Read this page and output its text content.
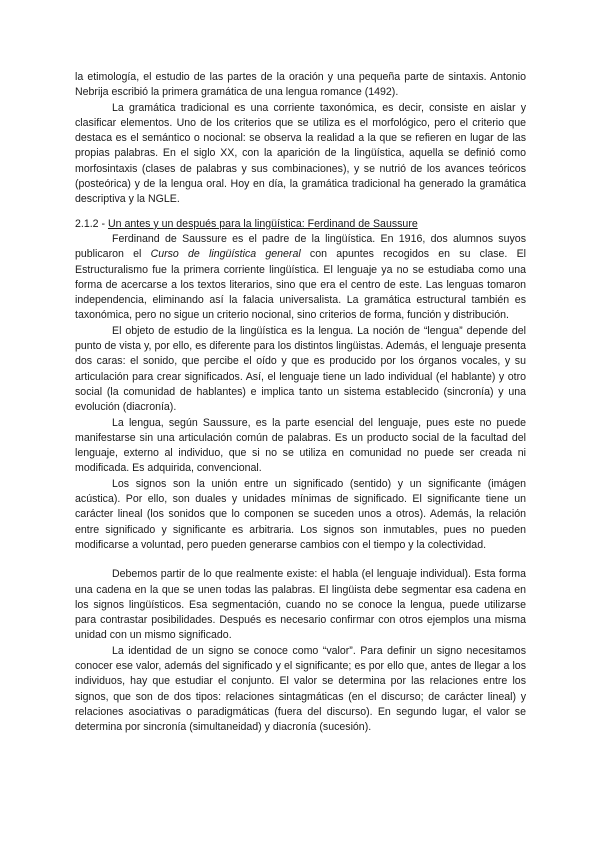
la etimología, el estudio de las partes de la oración y una pequeña parte de sintaxis. Antonio Nebrija escribió la primera gramática de una lengua romance (1492).

La gramática tradicional es una corriente taxonómica, es decir, consiste en aislar y clasificar elementos. Uno de los criterios que se utiliza es el morfológico, pero el criterio que destaca es el semántico o nocional: se observa la realidad a la que se refieren en lugar de las propias palabras. En el siglo XX, con la aparición de la lingüística, aquella se definió como morfosintaxis (clases de palabras y sus combinaciones), y se nutrió de los avances teóricos (posteórica) y de la lengua oral. Hoy en día, la gramática tradicional ha generado la gramática descriptiva y la NGLE.

2.1.2 - Un antes y un después para la lingüística: Ferdinand de Saussure

Ferdinand de Saussure es el padre de la lingüística. En 1916, dos alumnos suyos publicaron el Curso de lingüística general con apuntes recogidos en su clase. El Estructuralismo fue la primera corriente lingüística. El lenguaje ya no se estudiaba como una forma de acercarse a los textos literarios, sino que era el centro de este. Las lenguas tomaron independencia, eliminando así la falacia universalista. La gramática estructural también es taxonómica, pero no sigue un criterio nocional, sino criterios de forma, función y distribución.

El objeto de estudio de la lingüística es la lengua. La noción de “lengua” depende del punto de vista y, por ello, es diferente para los distintos lingüistas. Además, el lenguaje presenta dos caras: el sonido, que percibe el oído y que es producido por los órganos vocales, y su articulación para crear significados. Así, el lenguaje tiene un lado individual (el hablante) y otro social (la comunidad de hablantes) e implica tanto un sistema establecido (sincronía) y una evolución (diacronía).

La lengua, según Saussure, es la parte esencial del lenguaje, pues este no puede manifestarse sin una articulación común de palabras. Es un producto social de la facultad del lenguaje, externo al individuo, que si no se utiliza en comunidad no puede ser creada ni modificada. Es adquirida, convencional.

Los signos son la unión entre un significado (sentido) y un significante (imágen acústica). Por ello, son duales y unidades mínimas de significado. El significante tiene un carácter lineal (los sonidos que lo componen se suceden unos a otros). Además, la relación entre significado y significante es arbitraria. Los signos son inmutables, pues no pueden modificarse a voluntad, pero pueden generarse cambios con el tiempo y la colectividad.

Debemos partir de lo que realmente existe: el habla (el lenguaje individual). Esta forma una cadena en la que se unen todas las palabras. El lingüista debe segmentar esa cadena en los signos lingüísticos. Esa segmentación, cuando no se conoce la lengua, puede utilizarse para contrastar posibilidades. Después es necesario confirmar con otros ejemplos una misma unidad con un mismo significado.

La identidad de un signo se conoce como “valor”. Para definir un signo necesitamos conocer ese valor, además del significado y el significante; es por ello que, antes de llegar a los individuos, hay que estudiar el conjunto. El valor se determina por las relaciones entre los signos, que son de dos tipos: relaciones sintagmáticas (en el discurso; de carácter lineal) y relaciones asociativas o paradigmáticas (fuera del discurso). En segundo lugar, el valor se determina por sincronía (simultaneidad) y diacronía (sucesión).
